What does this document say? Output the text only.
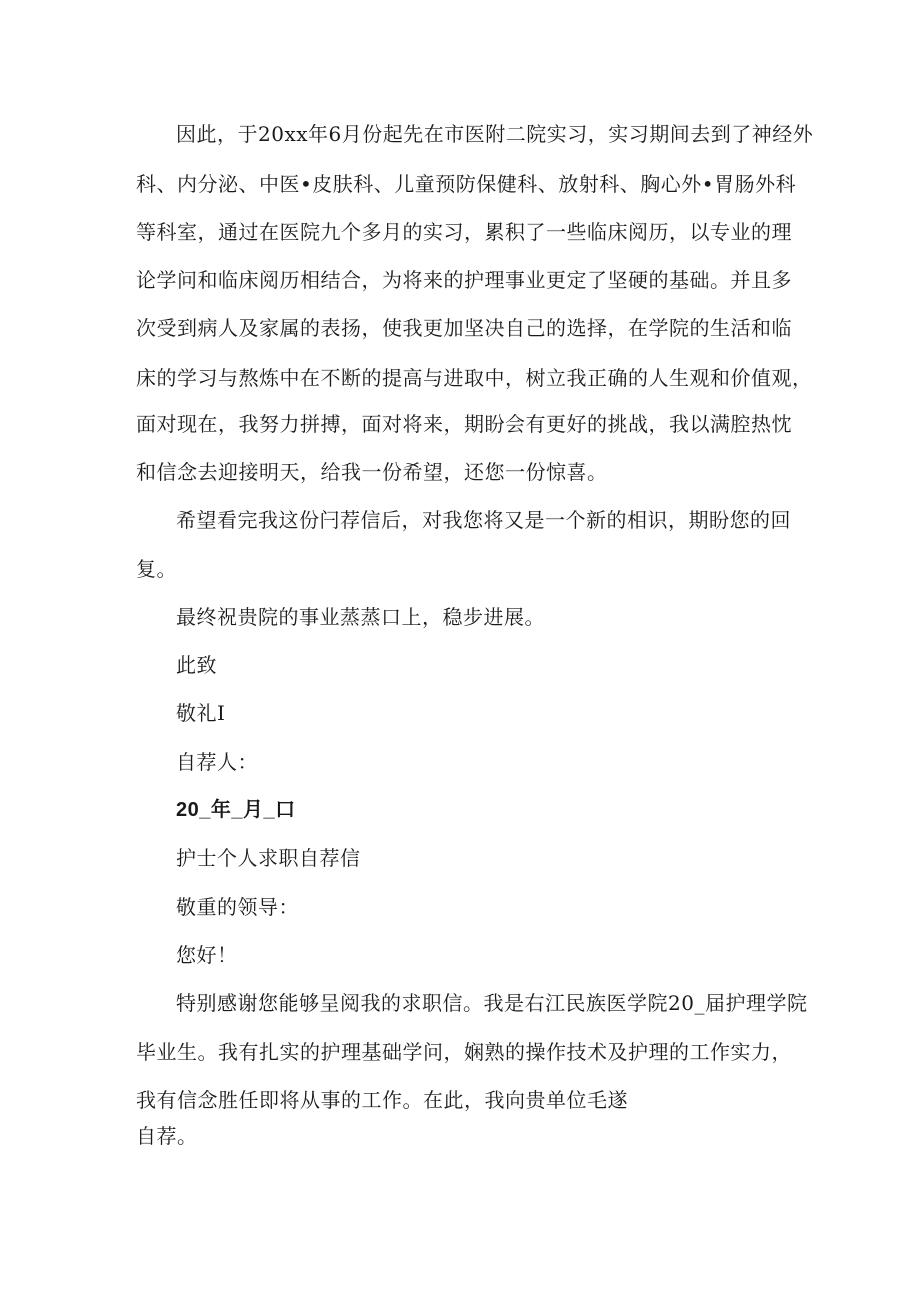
因此，于20xx年6月份起先在市医附二院实习，实习期间去到了神经外
科、内分泌、中医•皮肤科、儿童预防保健科、放射科、胸心外•胃肠外科
等科室，通过在医院九个多月的实习，累积了一些临床阅历，以专业的理
论学问和临床阅历相结合，为将来的护理事业更定了坚硬的基础。并且多
次受到病人及家属的表扬，使我更加坚决自己的选择，在学院的生活和临
床的学习与熬炼中在不断的提高与进取中，树立我正确的人生观和价值观，
面对现在，我努力拼搏，面对将来，期盼会有更好的挑战，我以满腔热忱
和信念去迎接明天，给我一份希望，还您一份惊喜。
希望看完我这份闩荐信后，对我您将又是一个新的相识，期盼您的回
复。
最终祝贵院的事业蒸蒸口上，稳步进展。
此致
敬礼I
自荐人：
20_年_月_口
护士个人求职自荐信
敬重的领导：
您好！
特别感谢您能够呈阅我的求职信。我是右江民族医学院20_届护理学院
毕业生。我有扎实的护理基础学问，娴熟的操作技术及护理的工作实力，
我有信念胜任即将从事的工作。在此，我向贵单位毛遂
自荐。
